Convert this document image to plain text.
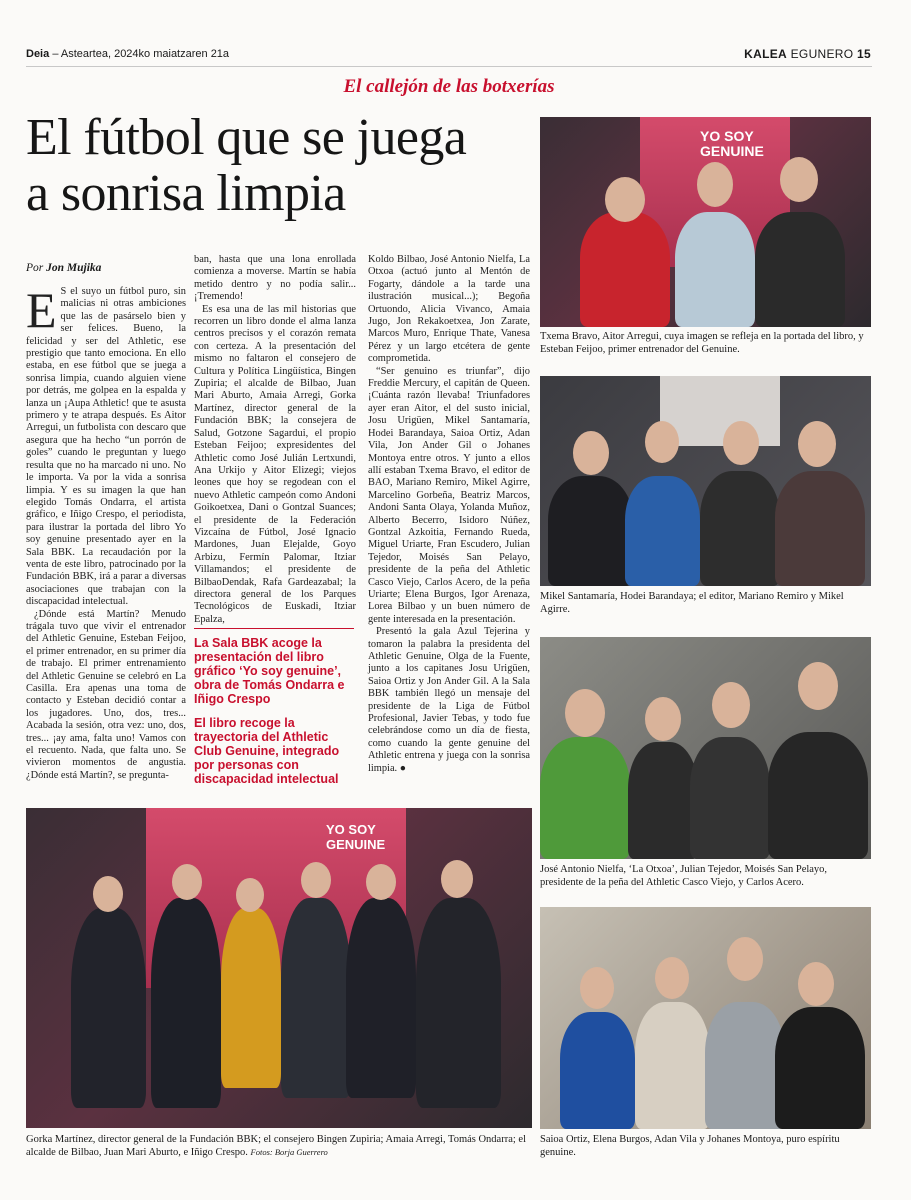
Deia – Asteartea, 2024ko maiatzaren 21a	KALEA EGUNERO 15
El callejón de las botxerías
El fútbol que se juega
a sonrisa limpia
Por Jon Mujika

E S el suyo un fútbol puro, sin malicias ni otras ambiciones que las de pasárselo bien y ser felices. Bueno, la felicidad y ser del Athletic, ese prestigio que tanto emociona. En ello estaba, en ese fútbol que se juega a sonrisa limpia, cuando alguien viene por detrás, me golpea en la espalda y lanza un ¡Aupa Athletic! que te asusta primero y te atrapa después. Es Aitor Arregui, un futbolista con descaro que asegura que ha hecho “un porrón de goles” cuando le preguntan y luego resulta que no ha marcado ni uno. No le importa. Va por la vida a sonrisa limpia. Y es su imagen la que han elegido Tomás Ondarra, el artista gráfico, e Iñigo Crespo, el periodista, para ilustrar la portada del libro Yo soy genuine presentado ayer en la Sala BBK. La recaudación por la venta de este libro, patrocinado por la Fundación BBK, irá a parar a diversas asociaciones que trabajan con la discapacidad intelectual.

¿Dónde está Martín? Menudo trágala tuvo que vivir el entrenador del Athletic Genuine, Esteban Feijoo, el primer entrenador, en su primer día de trabajo. El primer entrenamiento del Athletic Genuine se celebró en La Casilla. Era apenas una toma de contacto y Esteban decidió contar a los jugadores. Uno, dos, tres... Acabada la sesión, otra vez: uno, dos, tres... ¡ay ama, falta uno! Vamos con el recuento. Nada, que falta uno. Se vivieron momentos de angustia. ¿Dónde está Martín?, se pregunta-

ban, hasta que una lona enrollada comienza a moverse. Martín se había metido dentro y no podía salir... ¡Tremendo!

Es esa una de las mil historias que recorren un libro donde el alma lanza centros precisos y el corazón remata con certeza. A la presentación del mismo no faltaron el consejero de Cultura y Política Lingüística, Bingen Zupiria; el alcalde de Bilbao, Juan Mari Aburto, Amaia Arregi, Gorka Martínez, director general de la Fundación BBK; la consejera de Salud, Gotzone Sagardui, el propio Esteban Feijoo; expresidentes del Athletic como José Julián Lertxundi, Ana Urkijo y Aitor Elizegi; viejos leones que hoy se regodean con el nuevo Athletic campeón como Andoni Goikoetxea, Dani o Gontzal Suances; el presidente de la Federación Vizcaína de Fútbol, José Ignacio Mardones, Juan Elejalde, Goyo Arbizu, Fermín Palomar, Itziar Villamandos; el presidente de BilbaoDendak, Rafa Gardeazabal; la directora general de los Parques Tecnológicos de Euskadi, Itziar Epalza,

La Sala BBK acoge la presentación del libro gráfico ‘Yo soy genuine’, obra de Tomás Ondarra e Iñigo Crespo

El libro recoge la trayectoria del Athletic Club Genuine, integrado por personas con discapacidad intelectual

Koldo Bilbao, José Antonio Nielfa, La Otxoa (actuó junto al Mentón de Fogarty, dándole a la tarde una ilustración musical...); Begoña Ortuondo, Alicia Vivanco, Amaia Jugo, Jon Rekakoetxea, Jon Zarate, Marcos Muro, Enrique Thate, Vanesa Pérez y un largo etcétera de gente comprometida.

“Ser genuino es triunfar”, dijo Freddie Mercury, el capitán de Queen. ¡Cuánta razón llevaba! Triunfadores ayer eran Aitor, el del susto inicial, Josu Urigüen, Mikel Santamaría, Hodei Barandaya, Saioa Ortiz, Adan Vila, Jon Ander Gil o Johanes Montoya entre otros. Y junto a ellos allí estaban Txema Bravo, el editor de BAO, Mariano Remiro, Mikel Agirre, Marcelino Gorbeña, Beatriz Marcos, Andoni Santa Olaya, Yolanda Muñoz, Alberto Becerro, Isidoro Núñez, Gontzal Azkoitia, Fernando Rueda, Miguel Uriarte, Fran Escudero, Julian Tejedor, Moisés San Pelayo, presidente de la peña del Athletic Casco Viejo, Carlos Acero, de la peña Uriarte; Elena Burgos, Igor Arenaza, Lorea Bilbao y un buen número de gente interesada en la presentación.

Presentó la gala Azul Tejerina y tomaron la palabra la presidenta del Athletic Genuine, Olga de la Fuente, junto a los capitanes Josu Urigüen, Saioa Ortiz y Jon Ander Gil. A la Sala BBK también llegó un mensaje del presidente de la Liga de Fútbol Profesional, Javier Tebas, y todo fue celebrándose como un día de fiesta, como cuando la gente genuine del Athletic entrena y juega con la sonrisa limpia. ●

YO SOY
GENUINE
Txema Bravo, Aitor Arregui, cuya imagen se refleja en la portada del libro, y Esteban Feijoo, primer entrenador del Genuine.
Mikel Santamaría, Hodei Barandaya; el editor, Mariano Remiro y Mikel Agirre.
José Antonio Nielfa, ‘La Otxoa’, Julian Tejedor, Moisés San Pelayo, presidente de la peña del Athletic Casco Viejo, y Carlos Acero.
Saioa Ortiz, Elena Burgos, Adan Vila y Johanes Montoya, puro espíritu genuine.
YO SOY
GENUINE
Gorka Martínez, director general de la Fundación BBK; el consejero Bingen Zupiria; Amaia Arregi, Tomás Ondarra; el alcalde de Bilbao, Juan Mari Aburto, e Iñigo Crespo. Fotos: Borja Guerrero
